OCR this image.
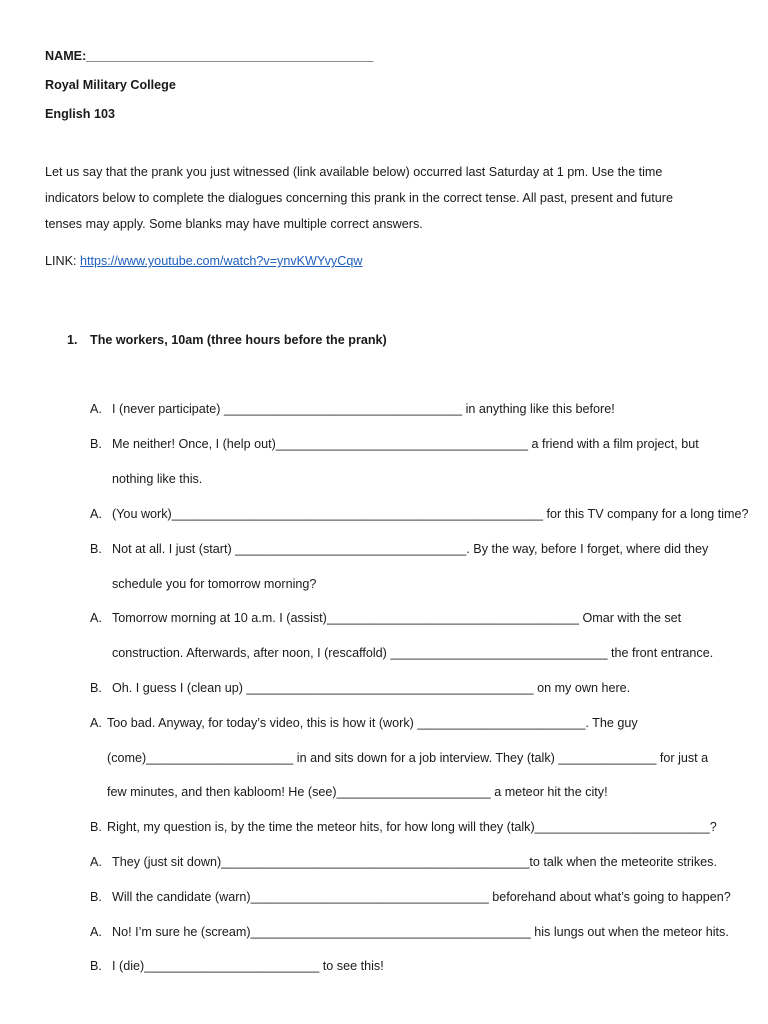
NAME:_________________________________________
Royal Military College
English 103
Let us say that the prank you just witnessed (link available below) occurred last Saturday at 1 pm. Use the time
indicators below to complete the dialogues concerning this prank in the correct tense. All past, present and future
tenses may apply. Some blanks may have multiple correct answers.
LINK: https://www.youtube.com/watch?v=ynvKWYvyCqw
1. The workers, 10am (three hours before the prank)
A. I (never participate) __________________________________ in anything like this before!
B. Me neither! Once, I (help out)____________________________________ a friend with a film project, but
nothing like this.
A. (You work)_____________________________________________________ for this TV company for a long time?
B. Not at all. I just (start) _________________________________. By the way, before I forget, where did they
schedule you for tomorrow morning?
A. Tomorrow morning at 10 a.m. I (assist)____________________________________ Omar with the set
construction. Afterwards, after noon, I (rescaffold) _______________________________ the front entrance.
B. Oh. I guess I (clean up) _________________________________________ on my own here.
A. Too bad. Anyway, for today’s video, this is how it (work) ________________________. The guy
(come)_____________________ in and sits down for a job interview. They (talk) ______________ for just a
few minutes, and then kabloom! He (see)______________________ a meteor hit the city!
B. Right, my question is, by the time the meteor hits, for how long will they (talk)_________________________?
A. They (just sit down)____________________________________________to talk when the meteorite strikes.
B. Will the candidate (warn)__________________________________ beforehand about what’s going to happen?
A. No! I’m sure he (scream)________________________________________ his lungs out when the meteor hits.
B. I (die)_________________________ to see this!
